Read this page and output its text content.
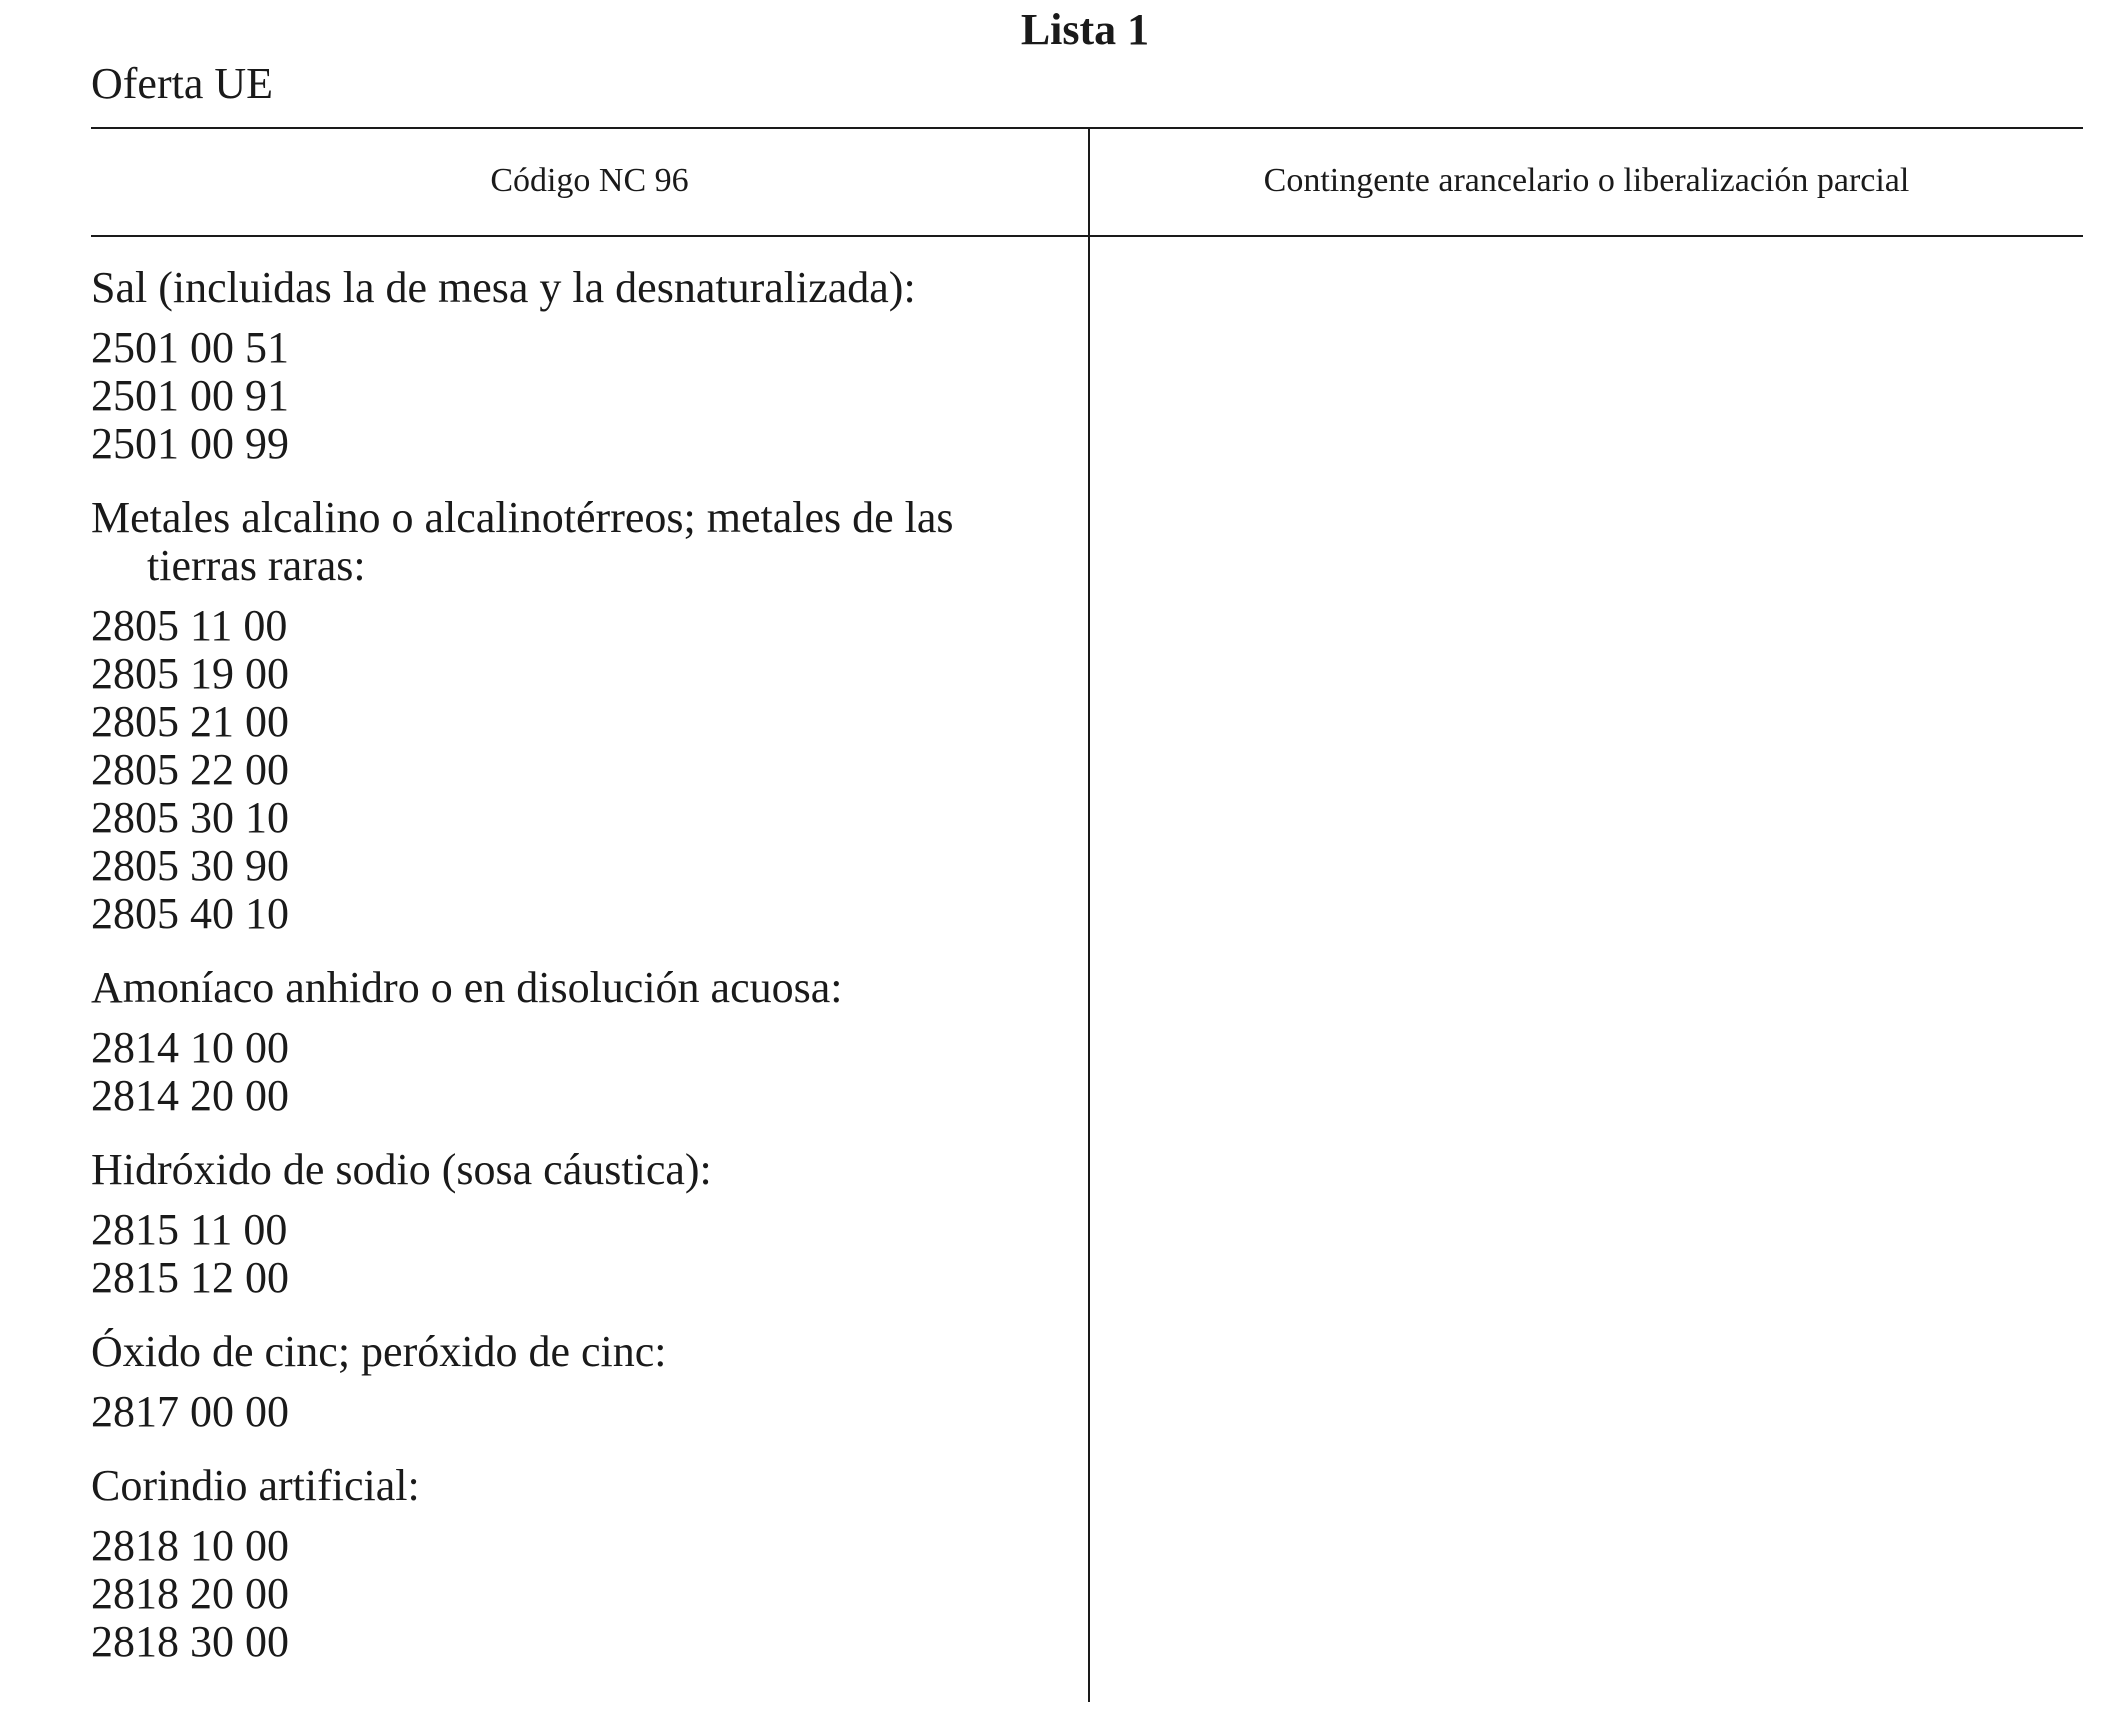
Lista 1
Oferta UE
Código NC 96	Contingente arancelario o liberalización parcial
Sal (incluidas la de mesa y la desnaturalizada):
2501 00 51
2501 00 91
2501 00 99
Metales alcalino o alcalinotérreos; metales de las tierras raras:
2805 11 00
2805 19 00
2805 21 00
2805 22 00
2805 30 10
2805 30 90
2805 40 10
Amoníaco anhidro o en disolución acuosa:
2814 10 00
2814 20 00
Hidróxido de sodio (sosa cáustica):
2815 11 00
2815 12 00
Óxido de cinc; peróxido de cinc:
2817 00 00
Corindio artificial:
2818 10 00
2818 20 00
2818 30 00
